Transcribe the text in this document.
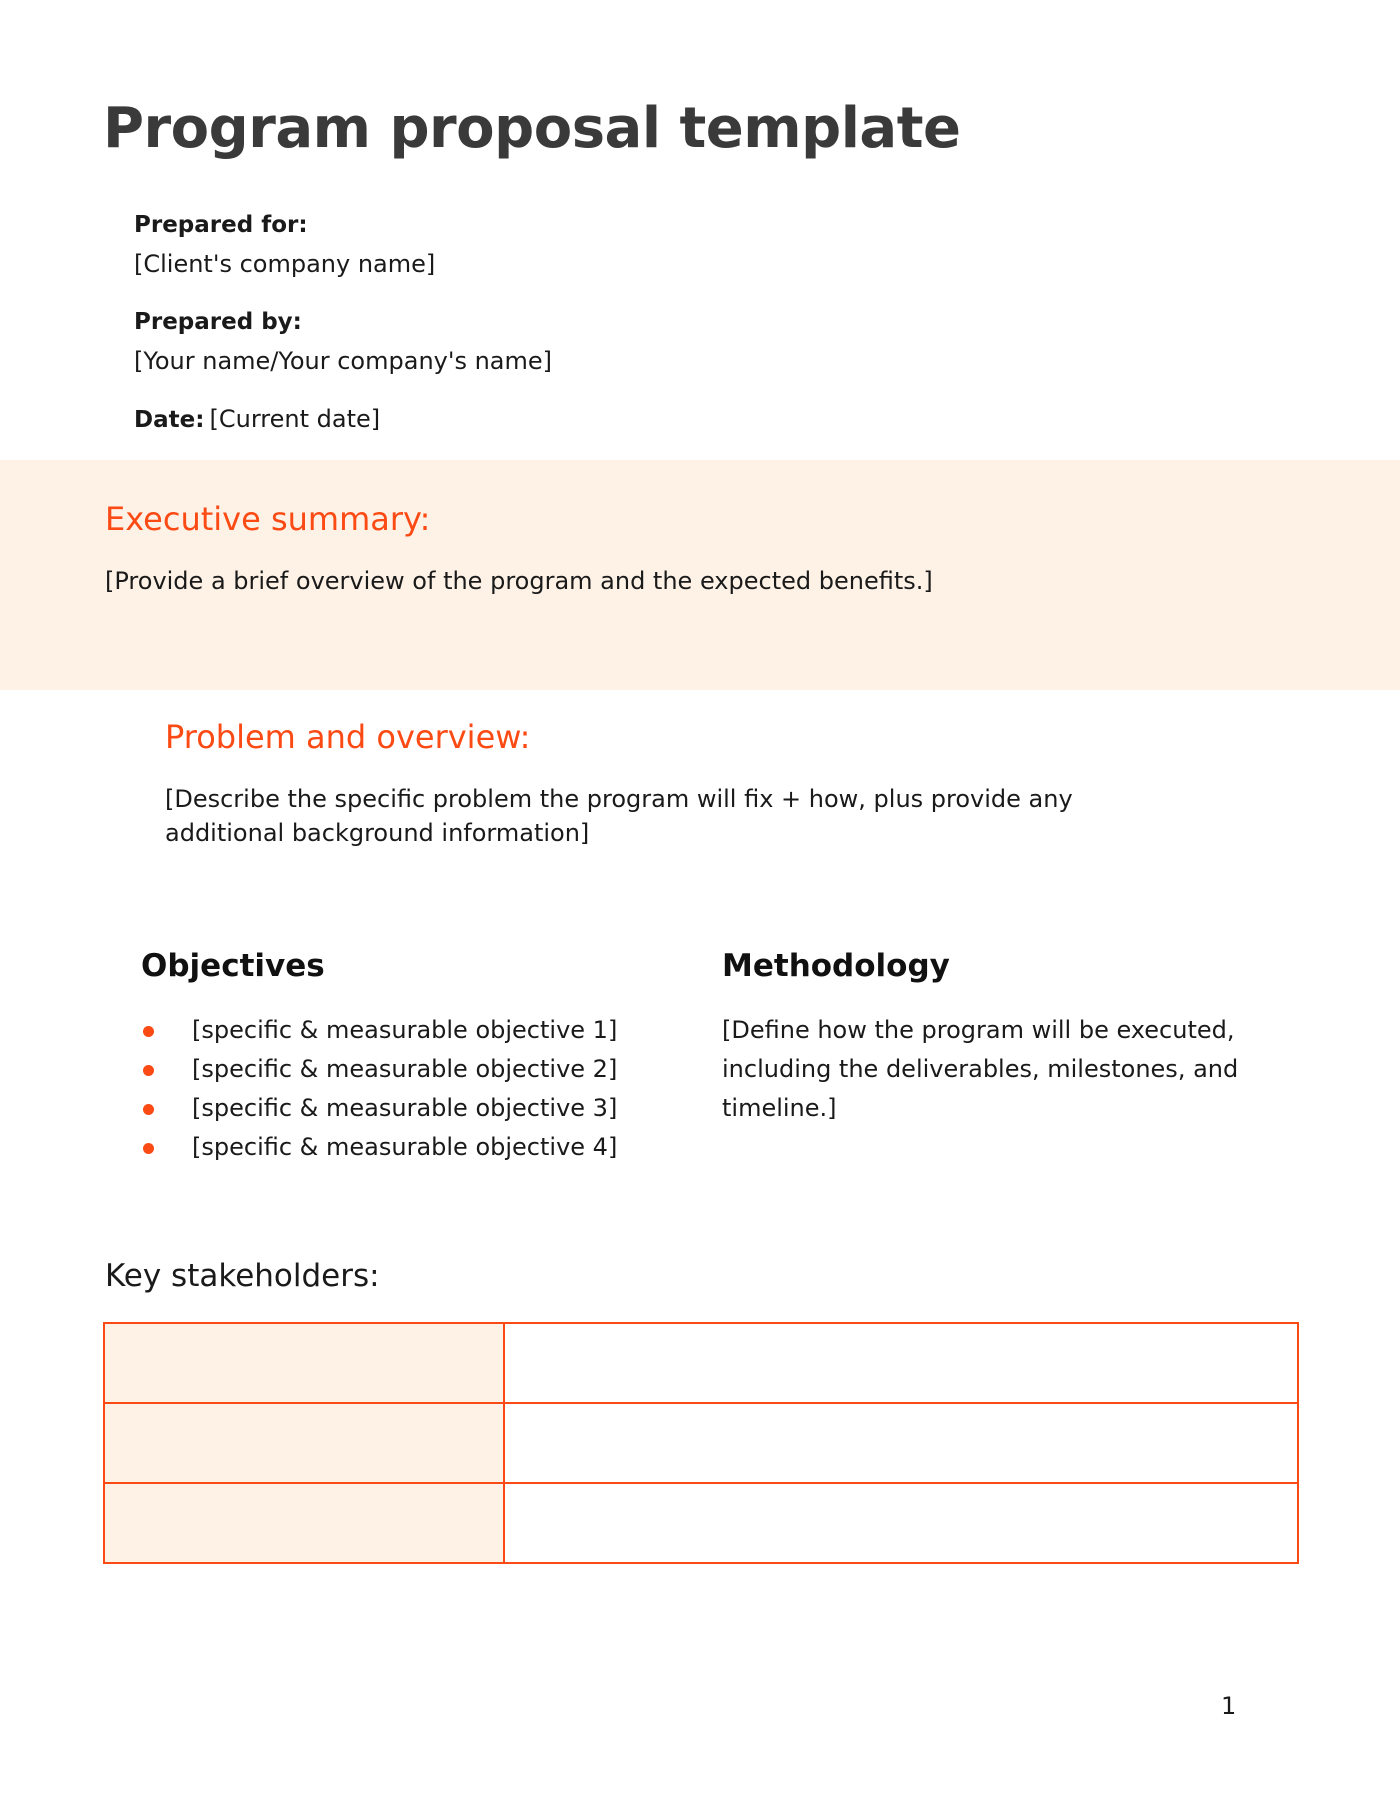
Program proposal template
Prepared for:
[Client's company name]
Prepared by:
[Your name/Your company's name]
Date: [Current date]
Executive summary:
[Provide a brief overview of the program and the expected benefits.]
Problem and overview:
[Describe the specific problem the program will fix + how, plus provide any
additional background information]
Objectives
[specific & measurable objective 1]
[specific & measurable objective 2]
[specific & measurable objective 3]
[specific & measurable objective 4]
Methodology
[Define how the program will be executed,
including the deliverables, milestones, and
timeline.]
Key stakeholders:

1
